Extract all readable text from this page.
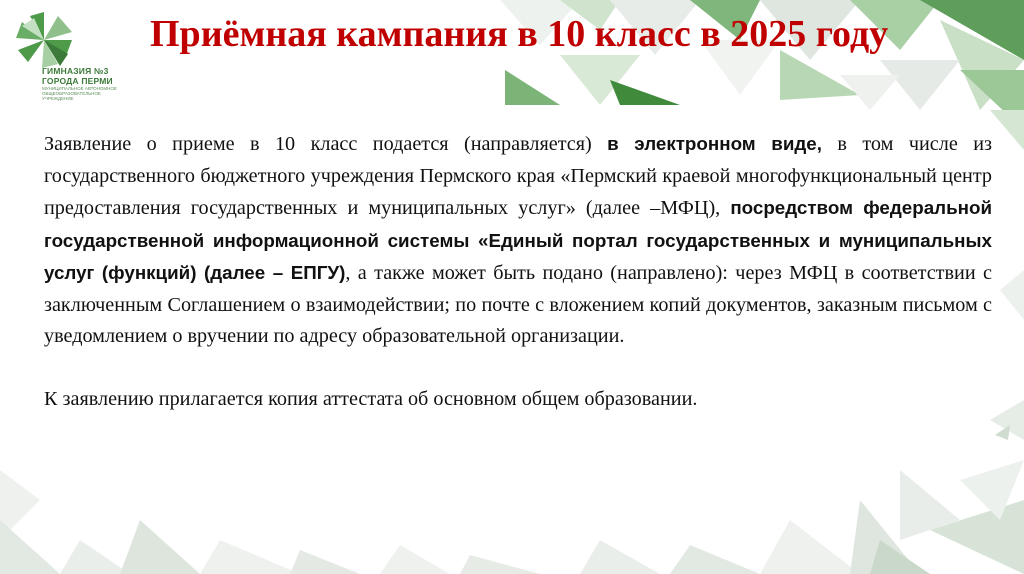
ГИМНАЗИЯ №3
ГОРОДА ПЕРМИ
МУНИЦИПАЛЬНОЕ АВТОНОМНОЕ
ОБЩЕОБРАЗОВАТЕЛЬНОЕ УЧРЕЖДЕНИЕ
Приёмная кампания в 10 класс в 2025 году

Заявление о приеме в 10 класс подается (направляется) в электронном виде, в том числе из государственного бюджетного учреждения Пермского края «Пермский краевой многофункциональный центр предоставления государственных и муниципальных услуг» (далее –МФЦ), посредством федеральной государственной информационной системы «Единый портал государственных и муниципальных услуг (функций) (далее – ЕПГУ), а также может быть подано (направлено): через МФЦ в соответствии с заключенным Соглашением о взаимодействии; по почте с вложением копий документов, заказным письмом с уведомлением о вручении по адресу образовательной организации.

К заявлению прилагается копия аттестата об основном общем образовании.
